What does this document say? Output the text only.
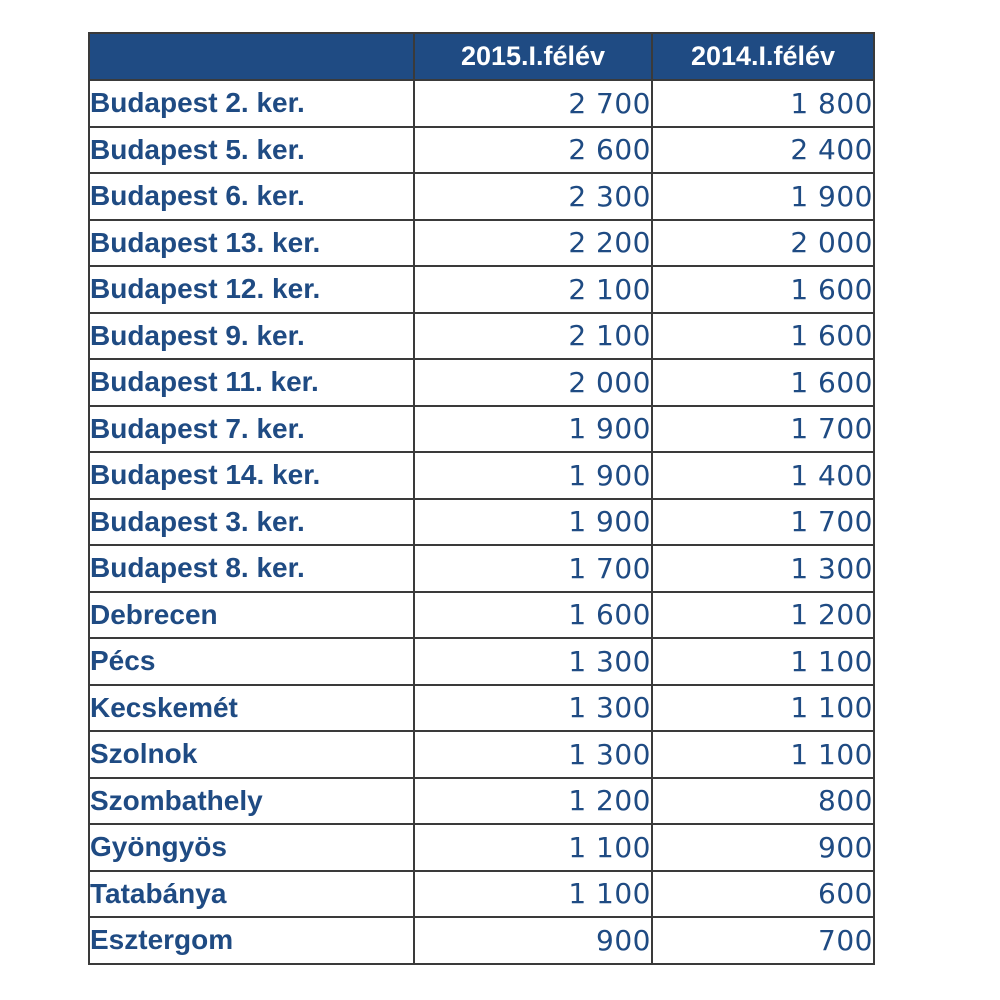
	2015.I.félév	2014.I.félév
Budapest 2. ker.	2 700	1 800
Budapest 5. ker.	2 600	2 400
Budapest 6. ker.	2 300	1 900
Budapest 13. ker.	2 200	2 000
Budapest 12. ker.	2 100	1 600
Budapest 9. ker.	2 100	1 600
Budapest 11. ker.	2 000	1 600
Budapest 7. ker.	1 900	1 700
Budapest 14. ker.	1 900	1 400
Budapest 3. ker.	1 900	1 700
Budapest 8. ker.	1 700	1 300
Debrecen	1 600	1 200
Pécs	1 300	1 100
Kecskemét	1 300	1 100
Szolnok	1 300	1 100
Szombathely	1 200	800
Gyöngyös	1 100	900
Tatabánya	1 100	600
Esztergom	900	700
